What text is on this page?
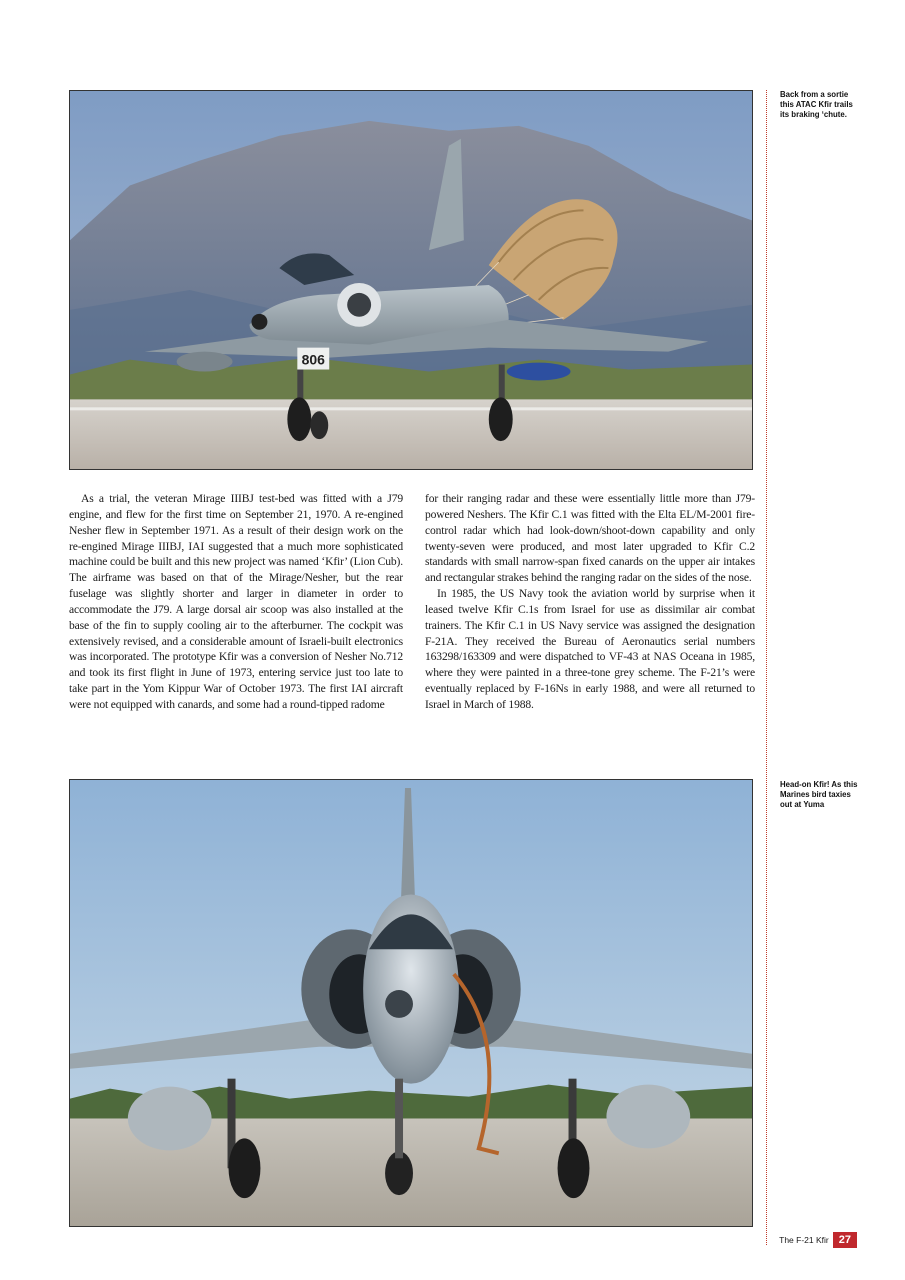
806
Back from a sortie this ATAC Kfir trails its braking ‘chute.

As a trial, the veteran Mirage IIIBJ test-bed was fitted with a J79 engine, and flew for the first time on September 21, 1970. A re-engined Nesher flew in September 1971. As a result of their design work on the re-engined Mirage IIIBJ, IAI suggested that a much more sophisticated machine could be built and this new project was named ‘Kfir’ (Lion Cub). The airframe was based on that of the Mirage/Nesher, but the rear fuselage was slightly shorter and larger in diameter in order to accommodate the J79. A large dorsal air scoop was also installed at the base of the fin to supply cooling air to the afterburner. The cockpit was extensively revised, and a considerable amount of Israeli-built electronics was incorporated. The prototype Kfir was a conversion of Nesher No.712 and took its first flight in June of 1973, entering service just too late to take part in the Yom Kippur War of October 1973. The first IAI aircraft were not equipped with canards, and some had a round-tipped radome

for their ranging radar and these were essentially little more than J79-powered Neshers. The Kfir C.1 was fitted with the Elta EL/M-2001 fire-control radar which had look-down/shoot-down capability and only twenty-seven were produced, and most later upgraded to Kfir C.2 standards with small narrow-span fixed canards on the upper air intakes and rectangular strakes behind the ranging radar on the sides of the nose.

In 1985, the US Navy took the aviation world by surprise when it leased twelve Kfir C.1s from Israel for use as dissimilar air combat trainers. The Kfir C.1 in US Navy service was assigned the designation F-21A. They received the Bureau of Aeronautics serial numbers 163298/163309 and were dispatched to VF-43 at NAS Oceana in 1985, where they were painted in a three-tone grey scheme. The F-21’s were eventually replaced by F-16Ns in early 1988, and were all returned to Israel in March of 1988.

Head-on Kfir! As this Marines bird taxies out at Yuma
The F-21 Kfir 27
